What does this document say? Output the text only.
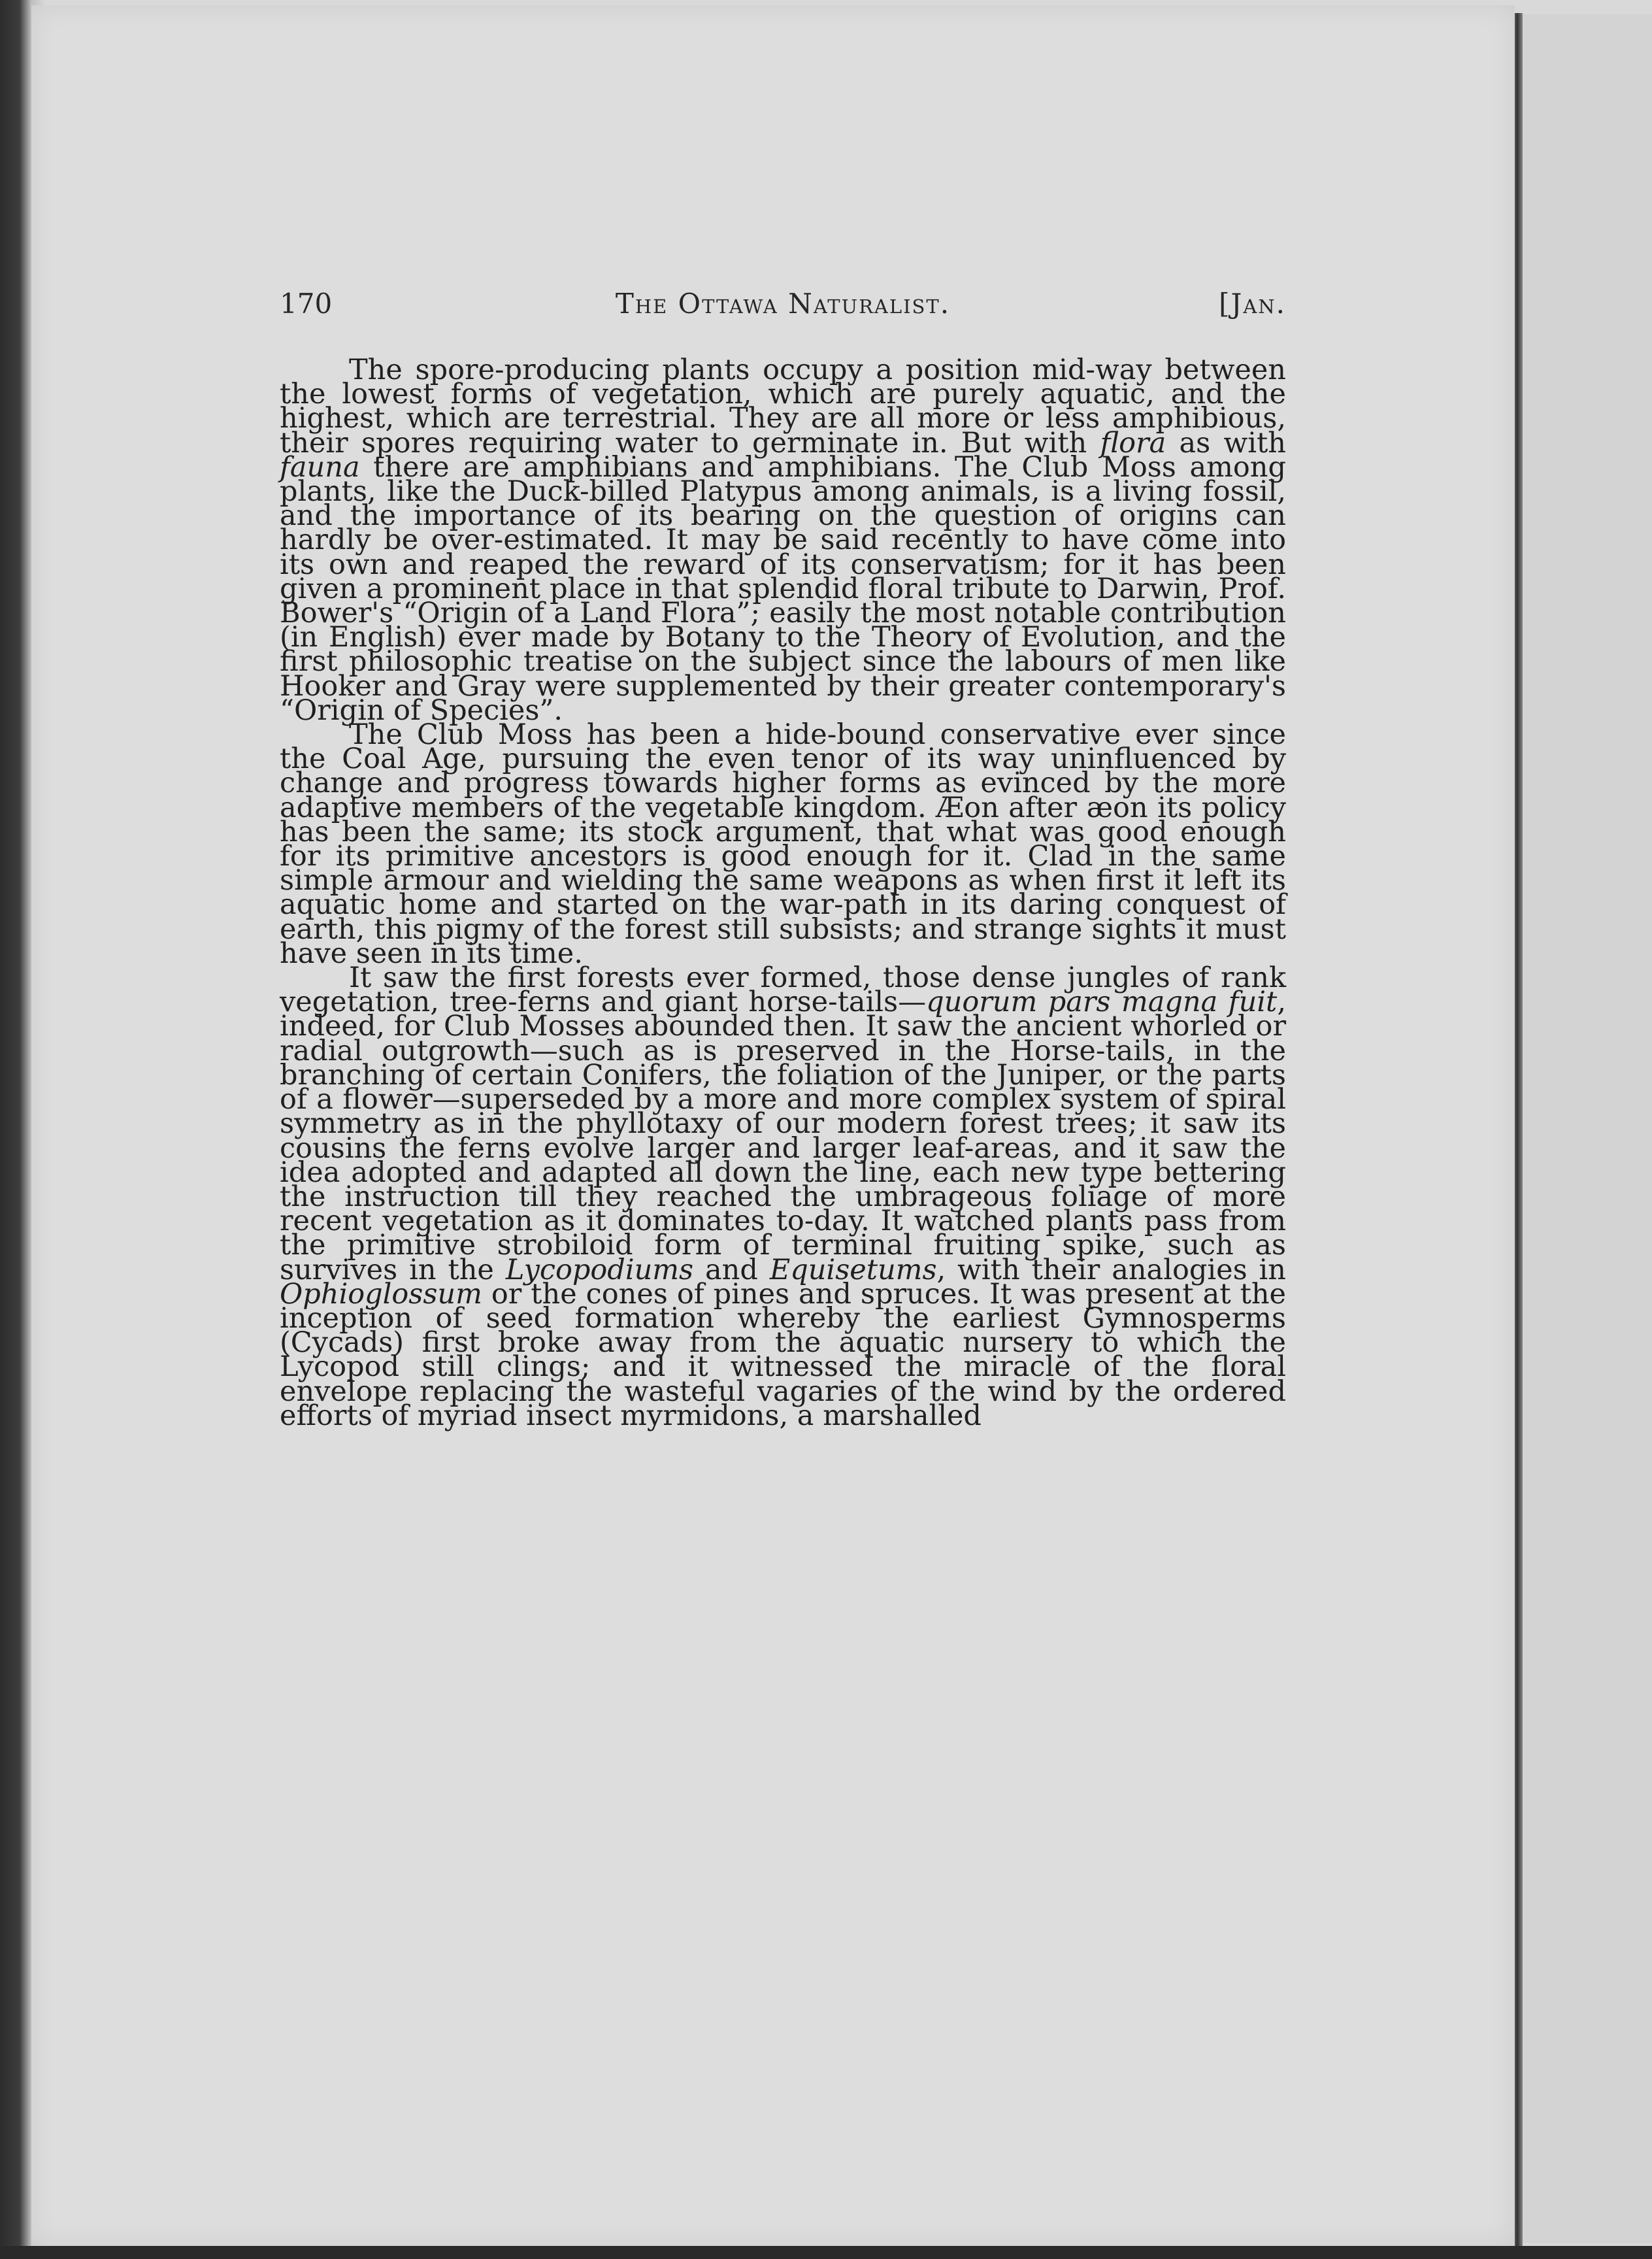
170	The Ottawa Naturalist.	[Jan.

The spore-producing plants occupy a position mid-way between the lowest forms of vegetation, which are purely aquatic, and the highest, which are terrestrial. They are all more or less amphibious, their spores requiring water to germinate in. But with flora as with fauna there are amphibians and amphibians. The Club Moss among plants, like the Duck-billed Platypus among animals, is a living fossil, and the importance of its bearing on the question of origins can hardly be over-estimated. It may be said recently to have come into its own and reaped the reward of its conservatism; for it has been given a prominent place in that splendid floral tribute to Darwin, Prof. Bower's “Origin of a Land Flora”; easily the most notable contribution (in English) ever made by Botany to the Theory of Evolution, and the first philosophic treatise on the subject since the labours of men like Hooker and Gray were supplemented by their greater contemporary's “Origin of Species”.

The Club Moss has been a hide-bound conservative ever since the Coal Age, pursuing the even tenor of its way uninfluenced by change and progress towards higher forms as evinced by the more adaptive members of the vegetable kingdom. Æon after æon its policy has been the same; its stock argument, that what was good enough for its primitive ancestors is good enough for it. Clad in the same simple armour and wielding the same weapons as when first it left its aquatic home and started on the war-path in its daring conquest of earth, this pigmy of the forest still subsists; and strange sights it must have seen in its time.

It saw the first forests ever formed, those dense jungles of rank vegetation, tree-ferns and giant horse-tails—quorum pars magna fuit, indeed, for Club Mosses abounded then. It saw the ancient whorled or radial outgrowth—such as is preserved in the Horse-tails, in the branching of certain Conifers, the foliation of the Juniper, or the parts of a flower—superseded by a more and more complex system of spiral symmetry as in the phyllotaxy of our modern forest trees; it saw its cousins the ferns evolve larger and larger leaf-areas, and it saw the idea adopted and adapted all down the line, each new type bettering the instruction till they reached the umbrageous foliage of more recent vegetation as it dominates to-day. It watched plants pass from the primitive strobiloid form of terminal fruiting spike, such as survives in the Lycopodiums and Equisetums, with their analogies in Ophioglossum or the cones of pines and spruces. It was present at the inception of seed formation whereby the earliest Gymnosperms (Cycads) first broke away from the aquatic nursery to which the Lycopod still clings; and it witnessed the miracle of the floral envelope replacing the wasteful vagaries of the wind by the ordered efforts of myriad insect myrmidons, a marshalled
